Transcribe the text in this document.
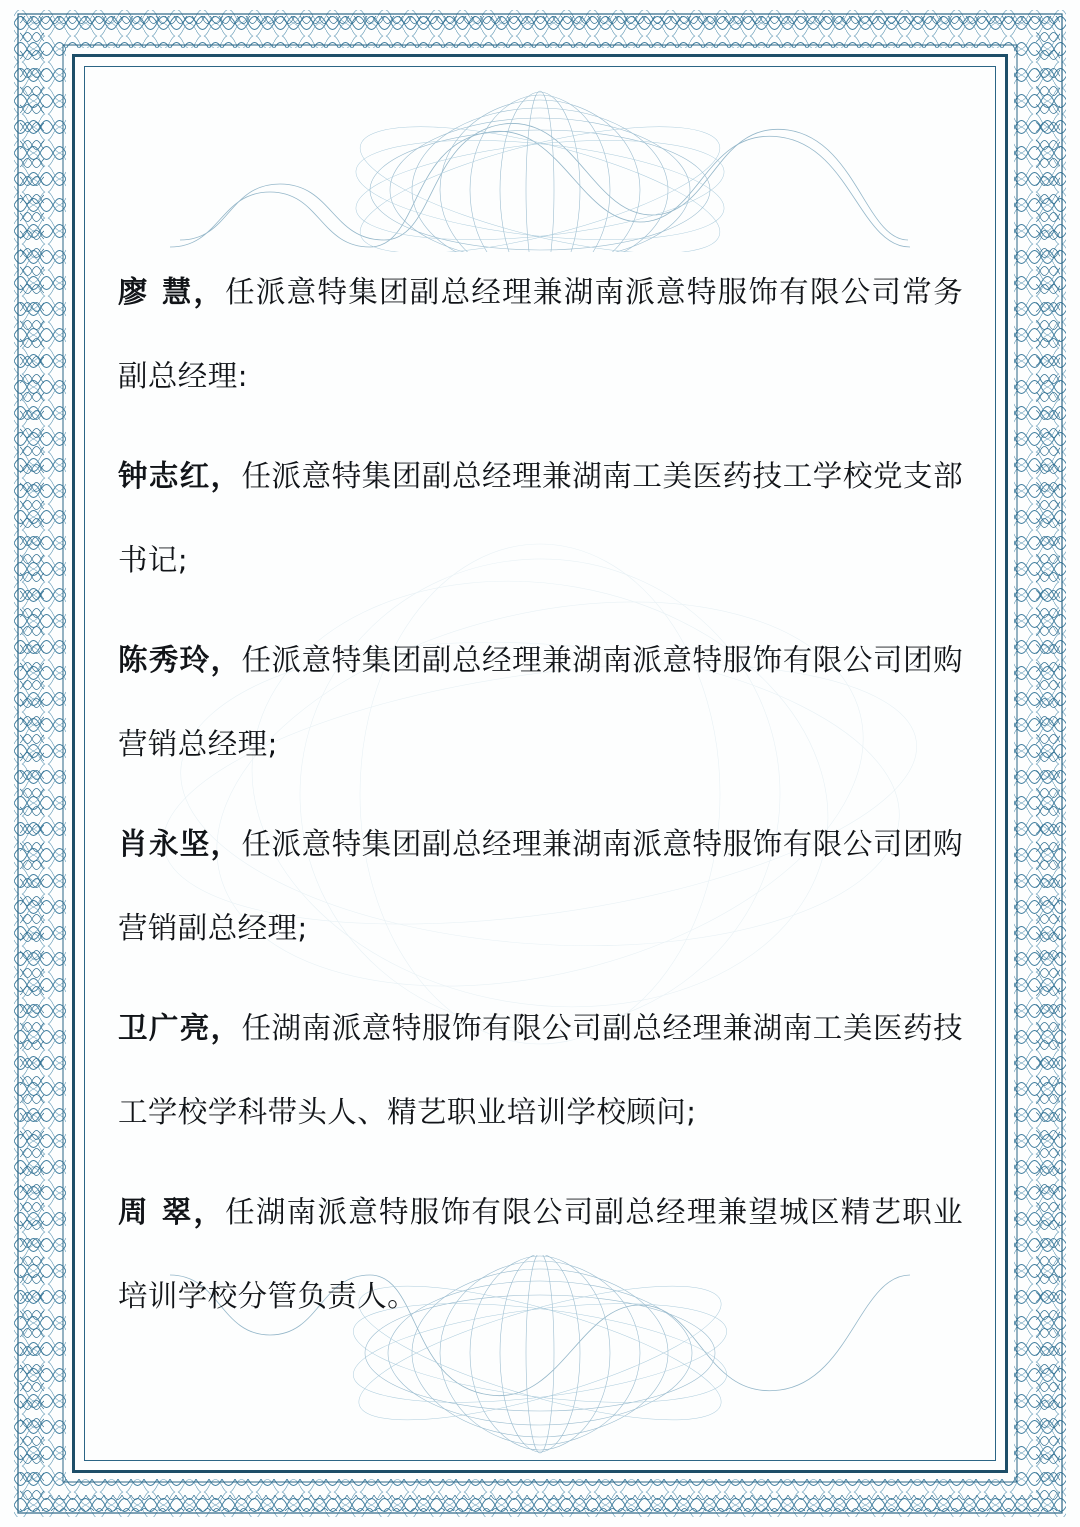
廖 慧，任派意特集团副总经理兼湖南派意特服饰有限公司常务副总经理:

钟志红，任派意特集团副总经理兼湖南工美医药技工学校党支部书记;

陈秀玲，任派意特集团副总经理兼湖南派意特服饰有限公司团购营销总经理;

肖永坚，任派意特集团副总经理兼湖南派意特服饰有限公司团购营销副总经理;

卫广亮，任湖南派意特服饰有限公司副总经理兼湖南工美医药技工学校学科带头人、精艺职业培训学校顾问;

周 翠，任湖南派意特服饰有限公司副总经理兼望城区精艺职业培训学校分管负责人。
